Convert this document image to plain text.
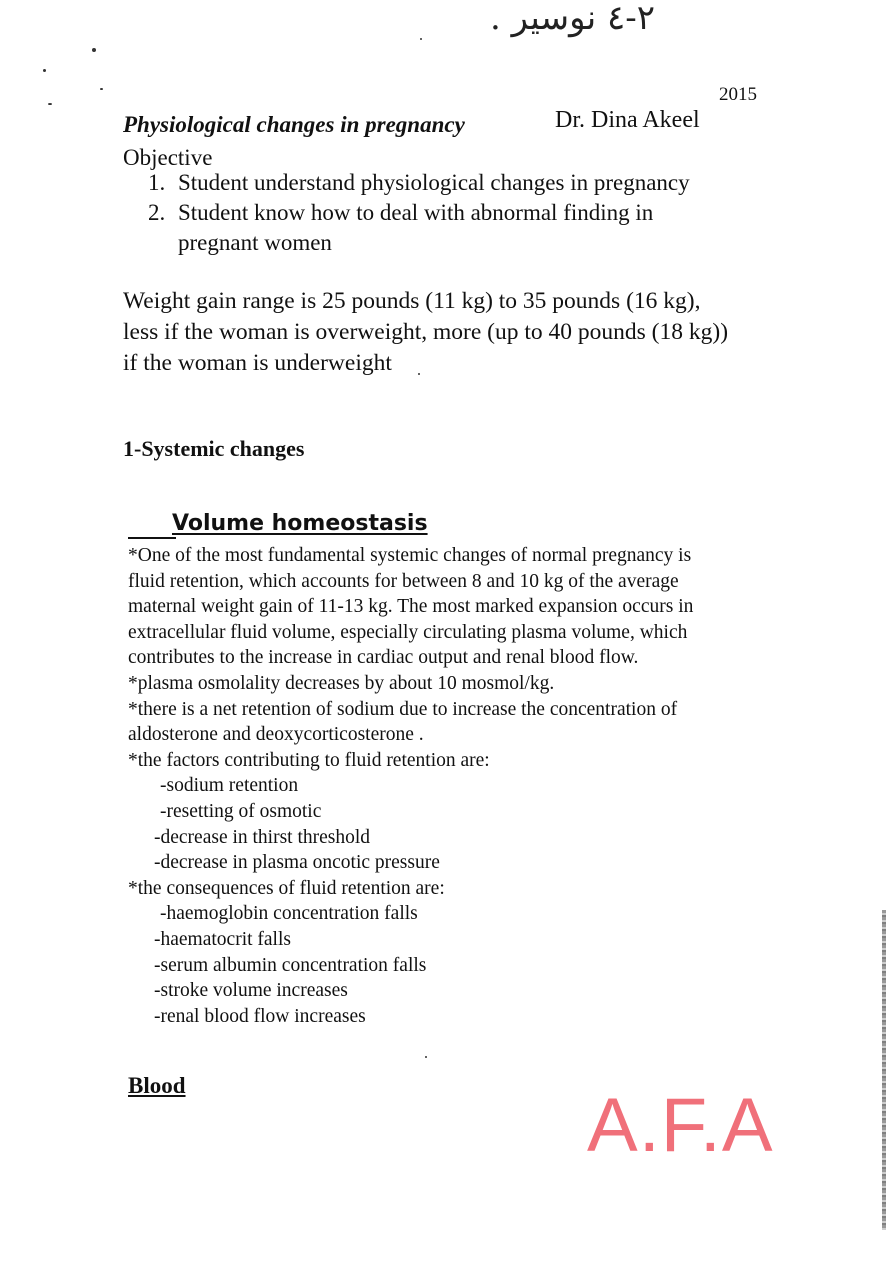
٢-٤ نوسير .
2015
Physiological changes in pregnancy	Dr. Dina Akeel
Objective
1. Student understand physiological changes in pregnancy
2. Student know how to deal with abnormal finding in pregnant women
Weight gain range is 25 pounds (11 kg) to 35 pounds (16 kg),
less if the woman is overweight, more (up to 40 pounds (18 kg))
if the woman is underweight
1-Systemic changes
Volume homeostasis
*One of the most fundamental systemic changes of normal pregnancy is
fluid retention, which accounts for between 8 and 10 kg of the average
maternal weight gain of 11-13 kg. The most marked expansion occurs in
extracellular fluid volume, especially circulating plasma volume, which
contributes to the increase in cardiac output and renal blood flow.
*plasma osmolality decreases by about 10 mosmol/kg.
*there is a net retention of sodium due to increase the concentration of
aldosterone and deoxycorticosterone .
*the factors contributing to fluid retention are:
-sodium retention
-resetting of osmotic
-decrease in thirst threshold
-decrease in plasma oncotic pressure
*the consequences of fluid retention are:
-haemoglobin concentration falls
-haematocrit falls
-serum albumin concentration falls
-stroke volume increases
-renal blood flow increases
Blood	A.F.A
